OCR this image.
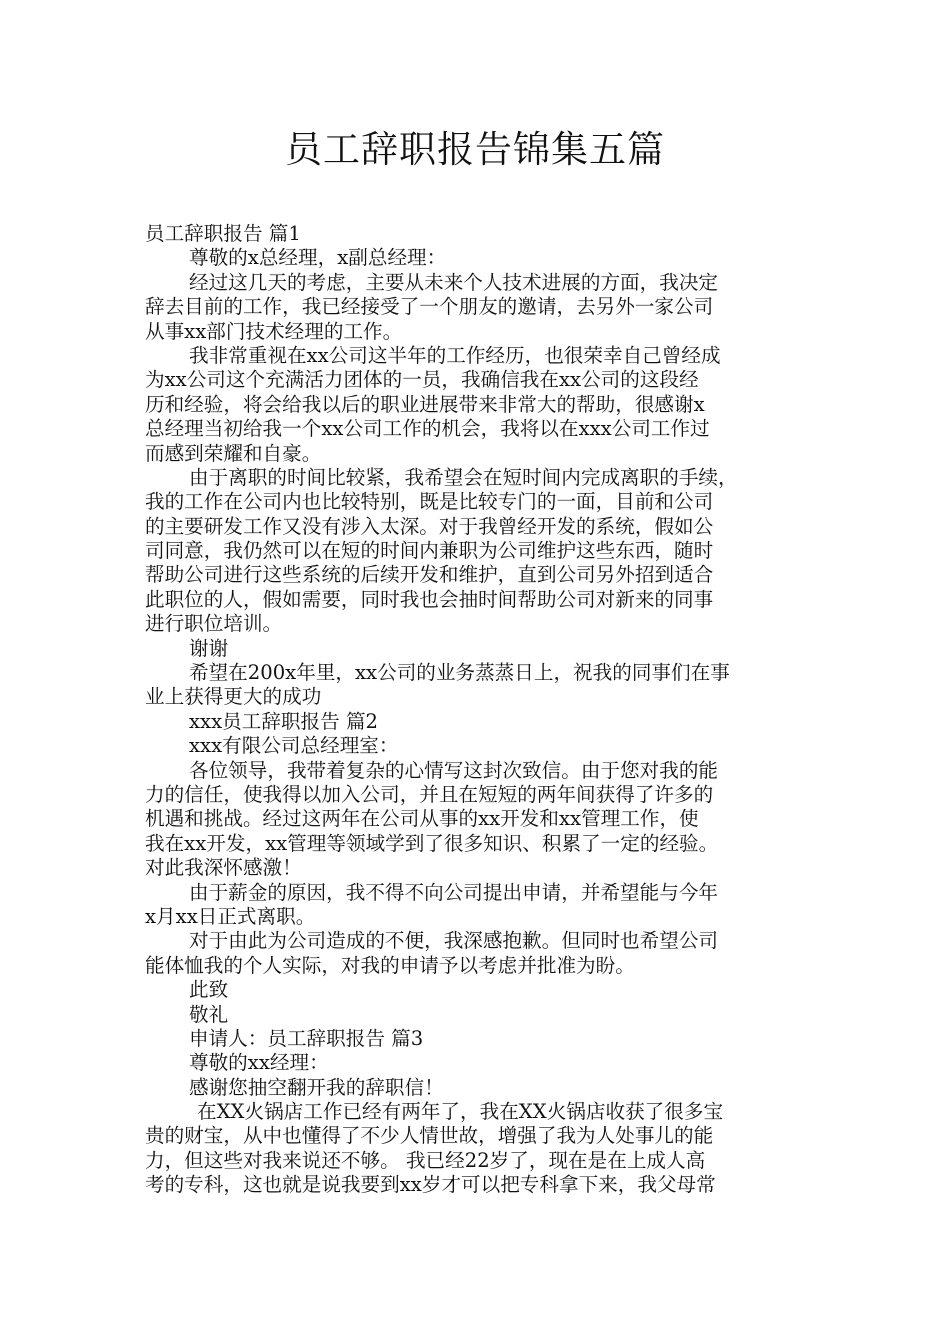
员工辞职报告锦集五篇
员工辞职报告 篇1
尊敬的x总经理，x副总经理：
经过这几天的考虑，主要从未来个人技术进展的方面，我决定
辞去目前的工作，我已经接受了一个朋友的邀请，去另外一家公司
从事xx部门技术经理的工作。
我非常重视在xx公司这半年的工作经历，也很荣幸自己曾经成
为xx公司这个充满活力团体的一员，我确信我在xx公司的这段经
历和经验，将会给我以后的职业进展带来非常大的帮助，很感谢x
总经理当初给我一个xx公司工作的机会，我将以在xxx公司工作过
而感到荣耀和自豪。
由于离职的时间比较紧，我希望会在短时间内完成离职的手续，
我的工作在公司内也比较特别，既是比较专门的一面，目前和公司
的主要研发工作又没有涉入太深。对于我曾经开发的系统，假如公
司同意，我仍然可以在短的时间内兼职为公司维护这些东西，随时
帮助公司进行这些系统的后续开发和维护，直到公司另外招到适合
此职位的人，假如需要，同时我也会抽时间帮助公司对新来的同事
进行职位培训。
谢谢
希望在200x年里，xx公司的业务蒸蒸日上，祝我的同事们在事
业上获得更大的成功
xxx员工辞职报告 篇2
xxx有限公司总经理室：
各位领导，我带着复杂的心情写这封次致信。由于您对我的能
力的信任，使我得以加入公司，并且在短短的两年间获得了许多的
机遇和挑战。经过这两年在公司从事的xx开发和xx管理工作，使
我在xx开发，xx管理等领域学到了很多知识、积累了一定的经验。
对此我深怀感激！
由于薪金的原因，我不得不向公司提出申请，并希望能与今年
x月xx日正式离职。
对于由此为公司造成的不便，我深感抱歉。但同时也希望公司
能体恤我的个人实际，对我的申请予以考虑并批准为盼。
此致
敬礼
申请人：员工辞职报告 篇3
尊敬的xx经理：
感谢您抽空翻开我的辞职信！
在XX火锅店工作已经有两年了，我在XX火锅店收获了很多宝
贵的财宝，从中也懂得了不少人情世故，增强了我为人处事儿的能
力，但这些对我来说还不够。 我已经22岁了，现在是在上成人高
考的专科，这也就是说我要到xx岁才可以把专科拿下来，我父母常
